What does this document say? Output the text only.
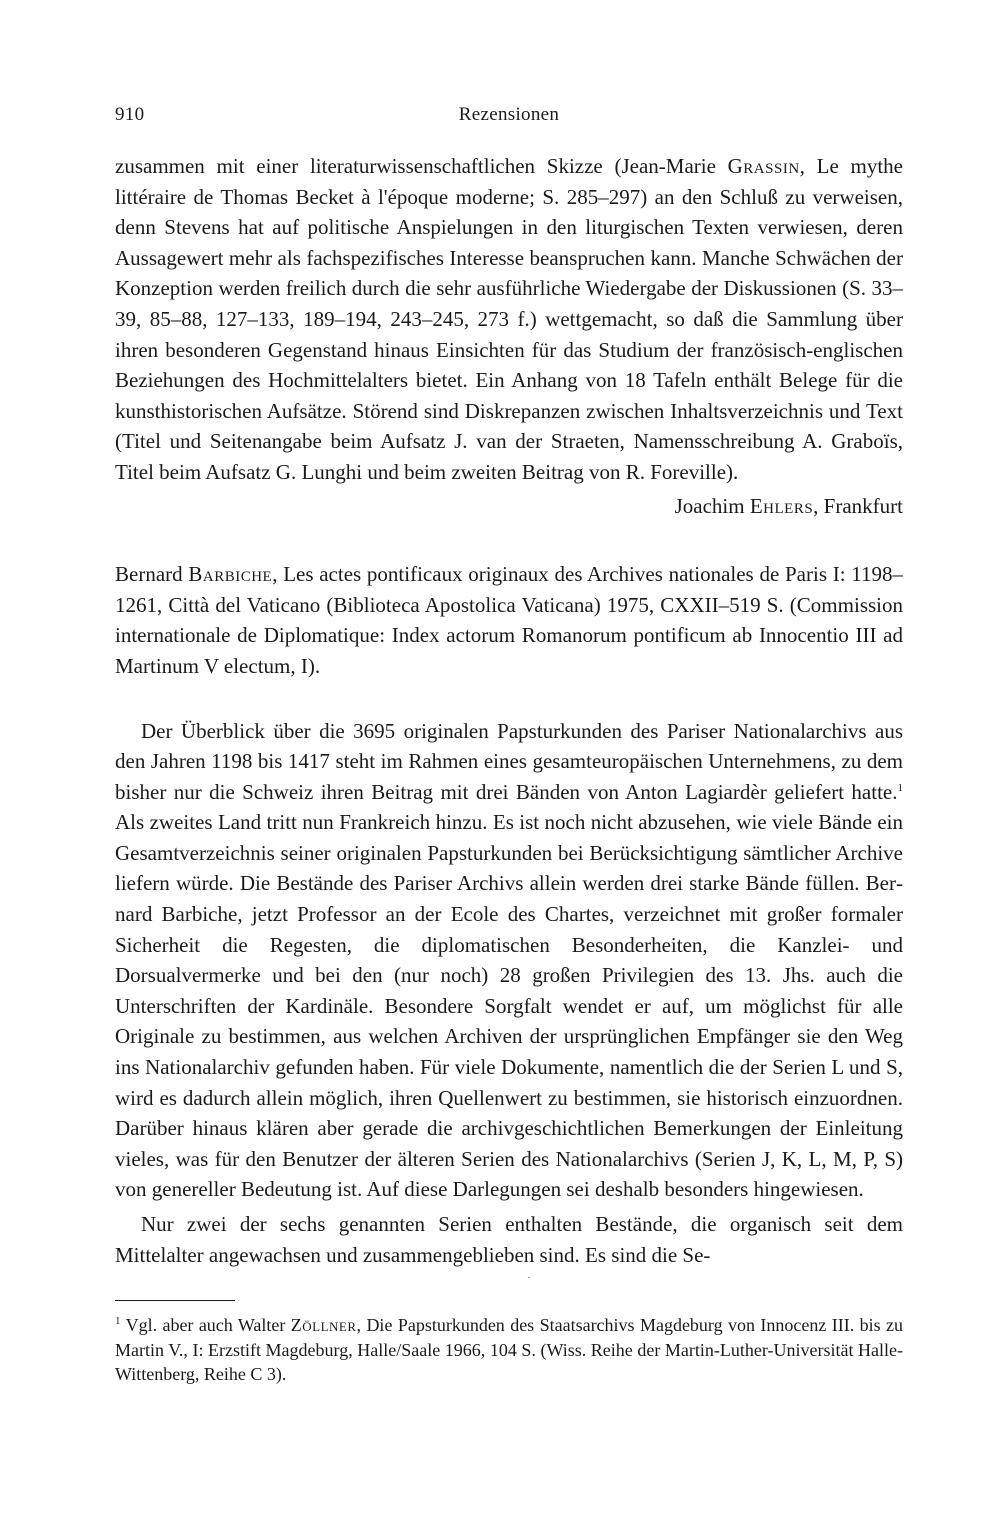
910	Rezensionen

zusammen mit einer literaturwissenschaftlichen Skizze (Jean-Marie Grassin, Le mythe littéraire de Thomas Becket à l'époque moderne; S. 285–297) an den Schluß zu verweisen, denn Stevens hat auf politische Anspielungen in den liturgischen Texten verwiesen, deren Aussagewert mehr als fachspezifisches Interesse beanspruchen kann. Manche Schwächen der Konzeption werden freilich durch die sehr ausführliche Wiedergabe der Diskussionen (S. 33–39, 85–88, 127–133, 189–194, 243–245, 273 f.) wettgemacht, so daß die Sammlung über ihren besonderen Gegenstand hinaus Einsichten für das Studium der französisch-englischen Beziehungen des Hochmittelalters bietet. Ein Anhang von 18 Tafeln enthält Belege für die kunsthistorischen Aufsätze. Störend sind Diskrepanzen zwischen Inhaltsverzeichnis und Text (Titel und Seitenangabe beim Aufsatz J. van der Straeten, Namensschreibung A. Graboïs, Titel beim Aufsatz G. Lunghi und beim zweiten Beitrag von R. Foreville).

Joachim Ehlers, Frankfurt

Bernard Barbiche, Les actes pontificaux originaux des Archives nationales de Paris I: 1198–1261, Città del Vaticano (Biblioteca Apostolica Vaticana) 1975, CXXII–519 S. (Commission internationale de Diplomatique: Index actorum Romanorum pontificum ab Innocentio III ad Martinum V electum, I).

Der Überblick über die 3695 originalen Papsturkunden des Pariser Nationalarchivs aus den Jahren 1198 bis 1417 steht im Rahmen eines gesamteuropäischen Unternehmens, zu dem bisher nur die Schweiz ihren Beitrag mit drei Bänden von Anton Lagiardèr geliefert hatte.$^1$ Als zweites Land tritt nun Frankreich hinzu. Es ist noch nicht abzusehen, wie viele Bände ein Gesamtverzeichnis seiner originalen Papsturkunden bei Berücksichtigung sämtlicher Archive liefern würde. Die Bestände des Pariser Archivs allein werden drei starke Bände füllen. Bernard Barbiche, jetzt Professor an der Ecole des Chartes, verzeichnet mit großer formaler Sicherheit die Regesten, die diplomatischen Besonderheiten, die Kanzlei- und Dorsualvermerke und bei den (nur noch) 28 großen Privilegien des 13. Jhs. auch die Unterschriften der Kardinäle. Besondere Sorgfalt wendet er auf, um möglichst für alle Originale zu bestimmen, aus welchen Archiven der ursprünglichen Empfänger sie den Weg ins Nationalarchiv gefunden haben. Für viele Dokumente, namentlich die der Serien L und S, wird es dadurch allein möglich, ihren Quellenwert zu bestimmen, sie historisch einzuordnen. Darüber hinaus klären aber gerade die archivgeschichtlichen Bemerkungen der Einleitung vieles, was für den Benutzer der älteren Serien des Nationalarchivs (Serien J, K, L, M, P, S) von genereller Bedeutung ist. Auf diese Darlegungen sei deshalb besonders hingewiesen.

Nur zwei der sechs genannten Serien enthalten Bestände, die organisch seit dem Mittelalter angewachsen und zusammengeblieben sind. Es sind die Se-

·

$^1$ Vgl. aber auch Walter Zöllner, Die Papsturkunden des Staatsarchivs Magdeburg von Innocenz III. bis zu Martin V., I: Erzstift Magdeburg, Halle/Saale 1966, 104 S. (Wiss. Reihe der Martin-Luther-Universität Halle-Wittenberg, Reihe C 3).
